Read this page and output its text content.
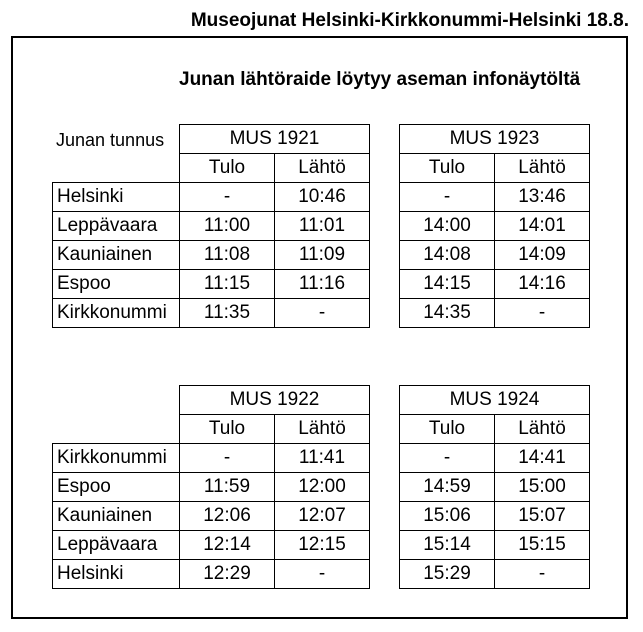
Museojunat Helsinki-Kirkkonummi-Helsinki 18.8.
Junan lähtöraide löytyy aseman infonäytöltä
Junan tunnus
		MUS 1921			MUS 1923	
	Tulo	Lähtö		Tulo	Lähtö
Helsinki	-	10:46		-	13:46
Leppävaara	11:00	11:01		14:00	14:01
Kauniainen	11:08	11:09		14:08	14:09
Espoo	11:15	11:16		14:15	14:16
Kirkkonummi	11:35	-		14:35	-
	MUS 1922			MUS 1924	
	Tulo	Lähtö		Tulo	Lähtö
Kirkkonummi	-	11:41		-	14:41
Espoo	11:59	12:00		14:59	15:00
Kauniainen	12:06	12:07		15:06	15:07
Leppävaara	12:14	12:15		15:14	15:15
Helsinki	12:29	-		15:29	-
